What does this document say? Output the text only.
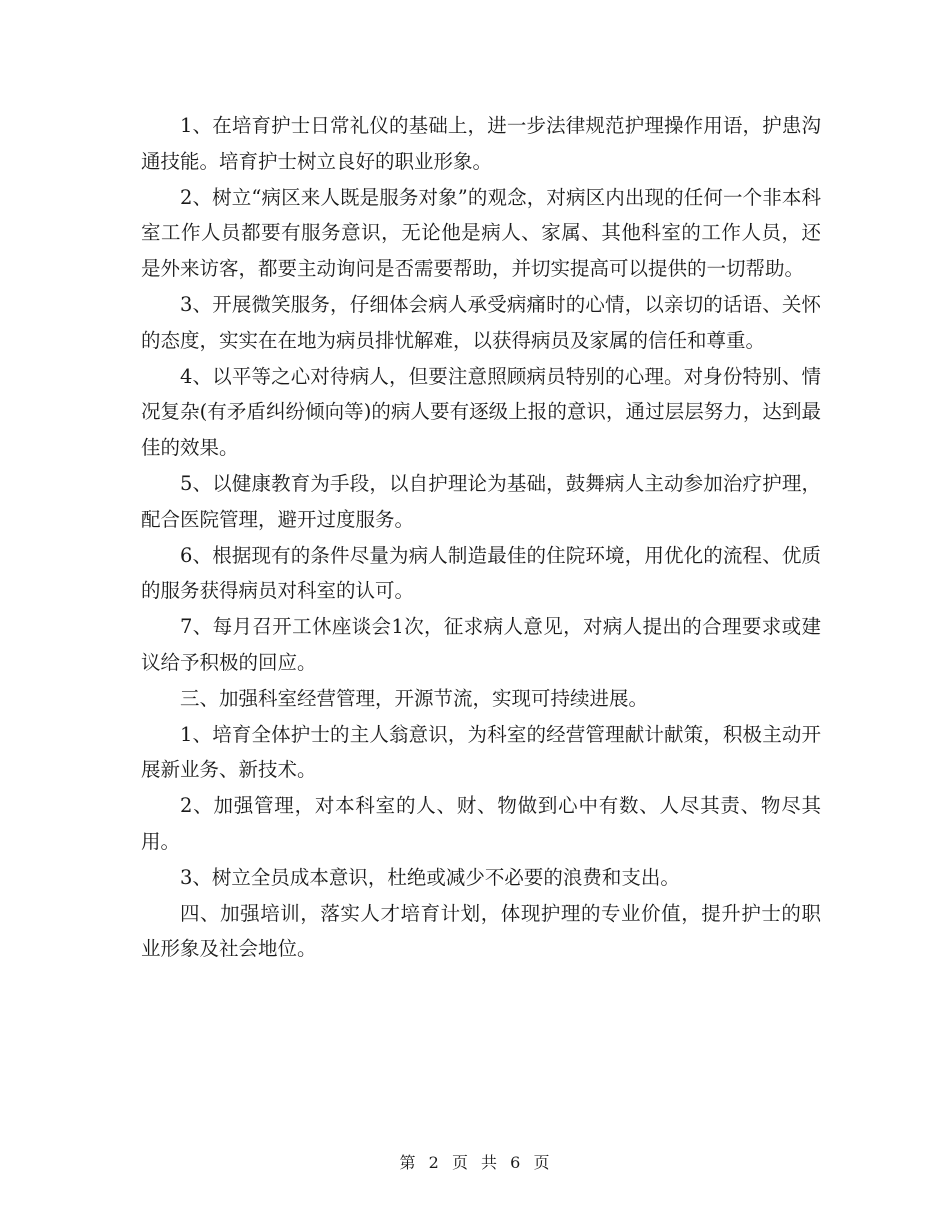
1、在培育护士日常礼仪的基础上，进一步法律规范护理操作用语，护患沟通技能。培育护士树立良好的职业形象。

2、树立“病区来人既是服务对象”的观念，对病区内出现的任何一个非本科室工作人员都要有服务意识，无论他是病人、家属、其他科室的工作人员，还是外来访客，都要主动询问是否需要帮助，并切实提高可以提供的一切帮助。

3、开展微笑服务，仔细体会病人承受病痛时的心情，以亲切的话语、关怀的态度，实实在在地为病员排忧解难，以获得病员及家属的信任和尊重。

4、以平等之心对待病人，但要注意照顾病员特别的心理。对身份特别、情况复杂(有矛盾纠纷倾向等)的病人要有逐级上报的意识，通过层层努力，达到最佳的效果。

5、以健康教育为手段，以自护理论为基础，鼓舞病人主动参加治疗护理，配合医院管理，避开过度服务。

6、根据现有的条件尽量为病人制造最佳的住院环境，用优化的流程、优质的服务获得病员对科室的认可。

7、每月召开工休座谈会1次，征求病人意见，对病人提出的合理要求或建议给予积极的回应。

三、加强科室经营管理，开源节流，实现可持续进展。

1、培育全体护士的主人翁意识，为科室的经营管理献计献策，积极主动开展新业务、新技术。

2、加强管理，对本科室的人、财、物做到心中有数、人尽其责、物尽其用。

3、树立全员成本意识，杜绝或减少不必要的浪费和支出。

四、加强培训，落实人才培育计划，体现护理的专业价值，提升护士的职业形象及社会地位。

第 2 页 共 6 页
